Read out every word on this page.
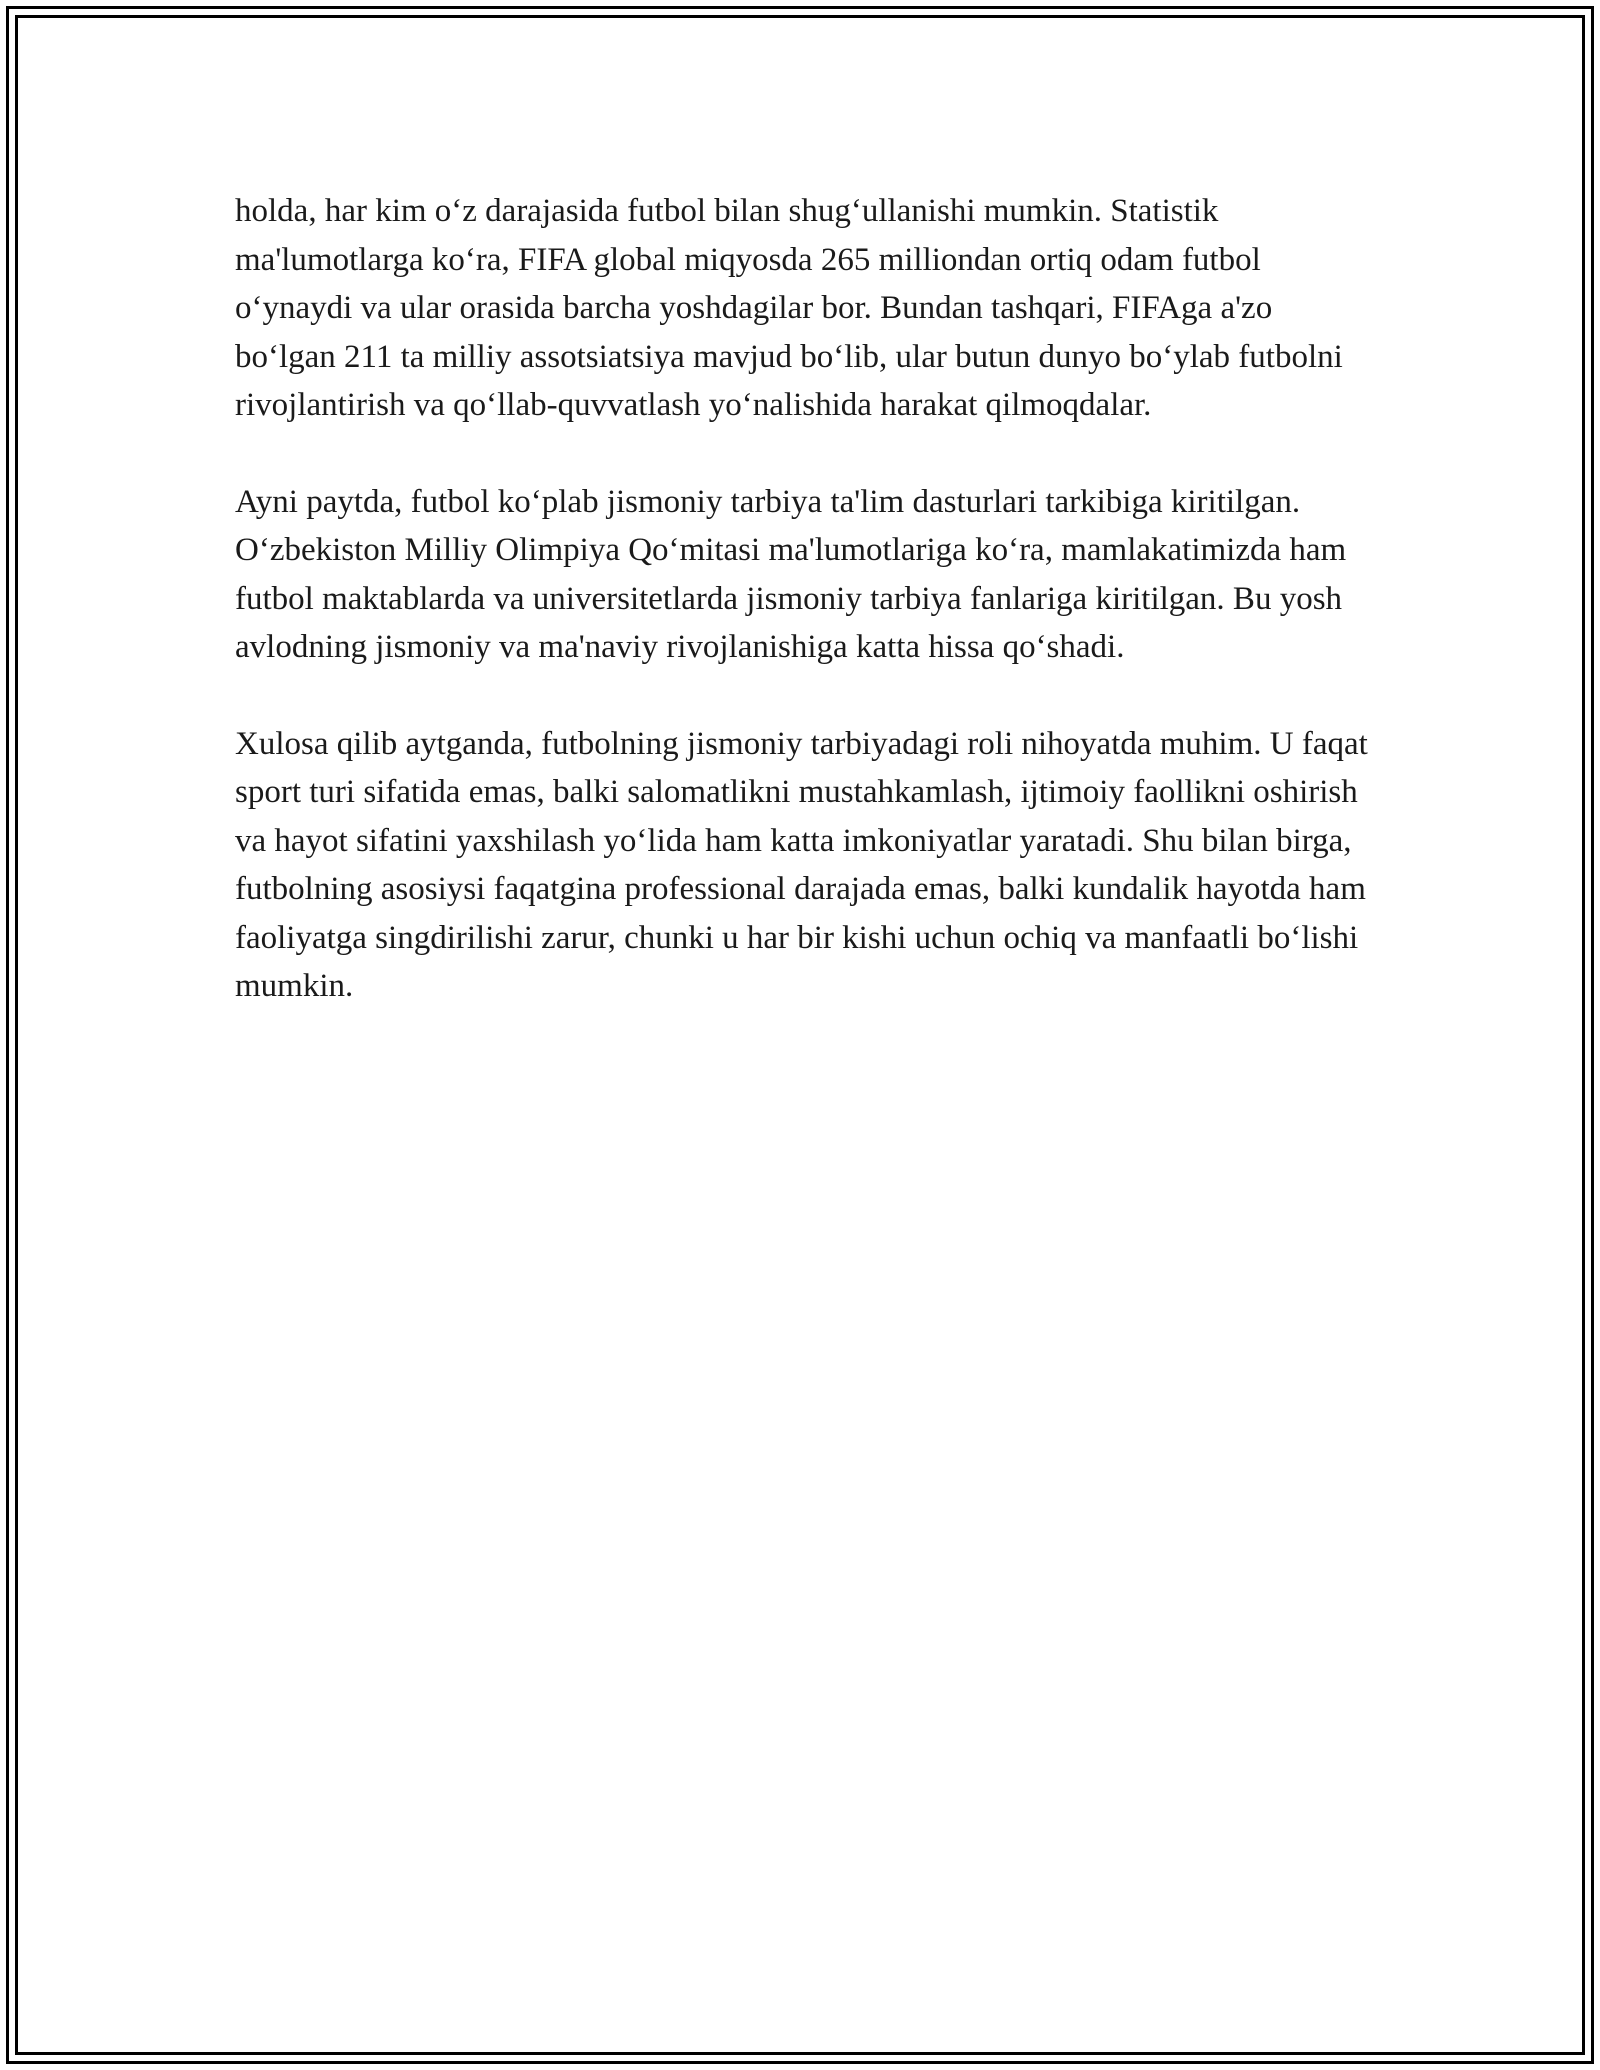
holda, har kim o‘z darajasida futbol bilan shug‘ullanishi mumkin. Statistik ma'lumotlarga ko‘ra, FIFA global miqyosda 265 milliondan ortiq odam futbol o‘ynaydi va ular orasida barcha yoshdagilar bor. Bundan tashqari, FIFAga a'zo bo‘lgan 211 ta milliy assotsiatsiya mavjud bo‘lib, ular butun dunyo bo‘ylab futbolni rivojlantirish va qo‘llab-quvvatlash yo‘nalishida harakat qilmoqdalar.

Ayni paytda, futbol ko‘plab jismoniy tarbiya ta'lim dasturlari tarkibiga kiritilgan. O‘zbekiston Milliy Olimpiya Qo‘mitasi ma'lumotlariga ko‘ra, mamlakatimizda ham futbol maktablarda va universitetlarda jismoniy tarbiya fanlariga kiritilgan. Bu yosh avlodning jismoniy va ma'naviy rivojlanishiga katta hissa qo‘shadi.

Xulosa qilib aytganda, futbolning jismoniy tarbiyadagi roli nihoyatda muhim. U faqat sport turi sifatida emas, balki salomatlikni mustahkamlash, ijtimoiy faollikni oshirish va hayot sifatini yaxshilash yo‘lida ham katta imkoniyatlar yaratadi. Shu bilan birga, futbolning asosiysi faqatgina professional darajada emas, balki kundalik hayotda ham faoliyatga singdirilishi zarur, chunki u har bir kishi uchun ochiq va manfaatli bo‘lishi mumkin.
